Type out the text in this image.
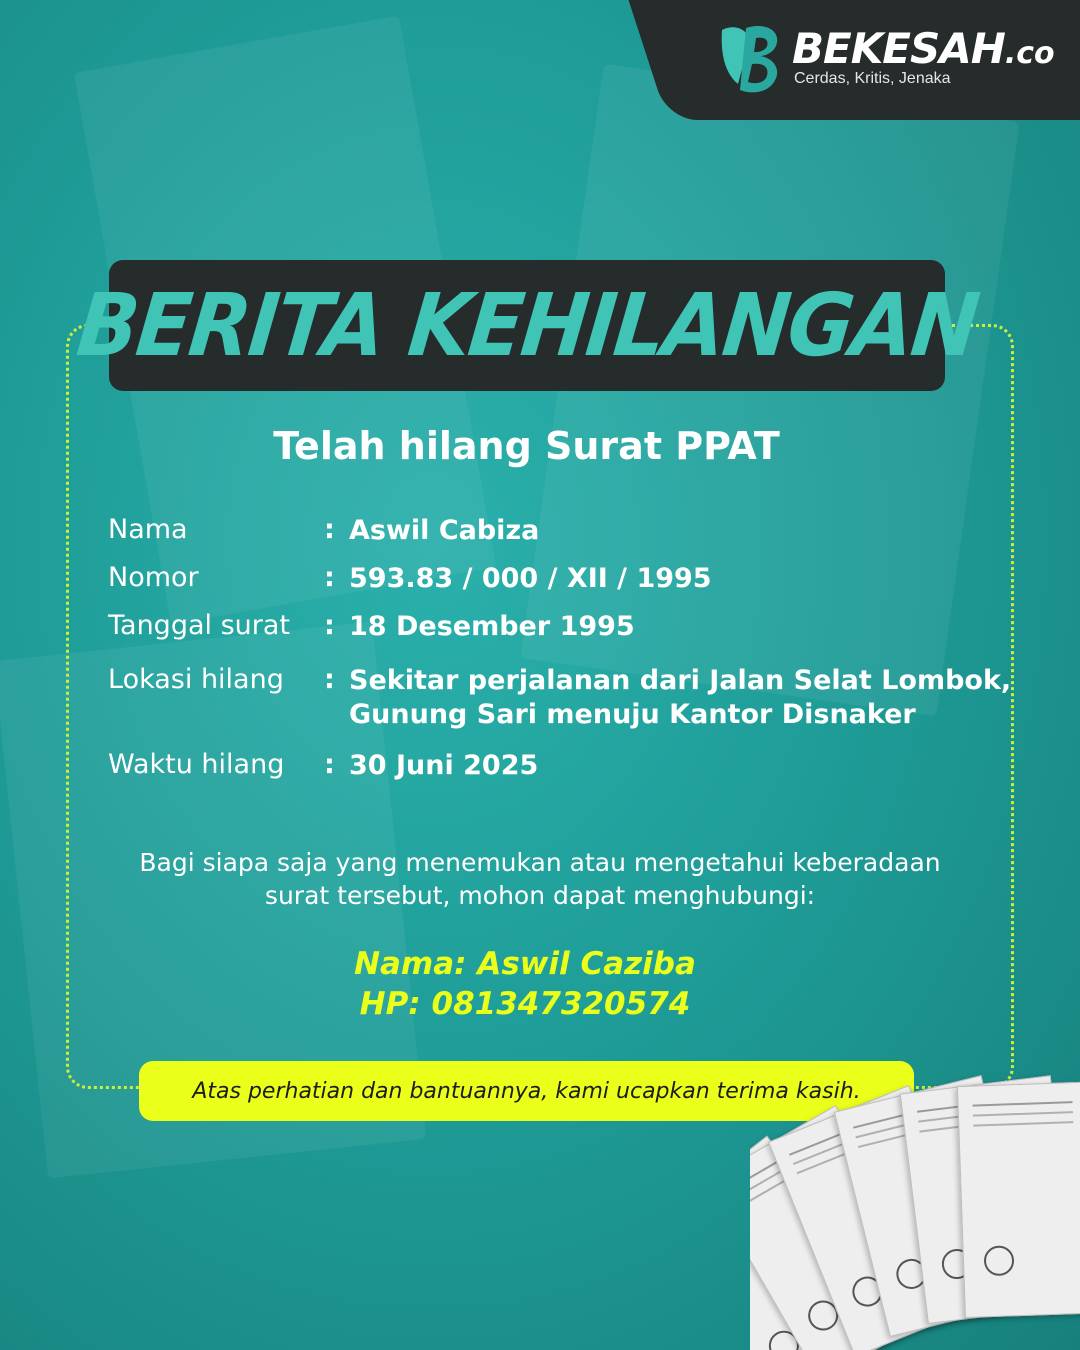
BEKESAH.co
Cerdas, Kritis, Jenaka
BERITA KEHILANGAN
Telah hilang Surat PPAT
Nama	: Aswil Cabiza
Nomor	: 593.83 / 000 / XII / 1995
Tanggal surat : 18 Desember 1995
Lokasi hilang : Sekitar perjalanan dari Jalan Selat Lombok,
Gunung Sari menuju Kantor Disnaker
Waktu hilang : 30 Juni 2025
Bagi siapa saja yang menemukan atau mengetahui keberadaan
surat tersebut, mohon dapat menghubungi:
Nama: Aswil Caziba
HP: 081347320574
Atas perhatian dan bantuannya, kami ucapkan terima kasih.
